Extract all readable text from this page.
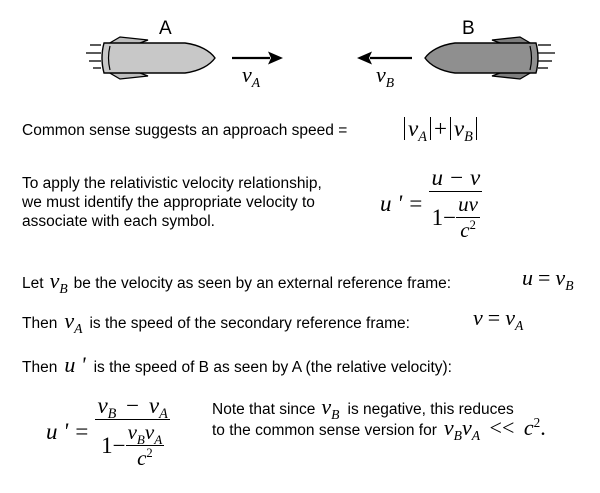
A	B
$v_A$	$v_B$
Common sense suggests an approach speed =	$v_A + v_B$
To apply the relativistic velocity relationship,
we must identify the appropriate velocity to
associate with each symbol.
u ' = $\frac{u - v}{1- \frac{uv}{c^2}}$
Let $v_B$ be the velocity as seen by an external reference frame:	$u = v_B$
Then $v_A$ is the speed of the secondary reference frame:	$v = v_A$
Then u ' is the speed of B as seen by A (the relative velocity):
u ' = $\frac{v_B - v_A}{1- \frac{v_Bv_A}{c^2}}$	Note that since $v_B$ is negative, this reduces
to the common sense version for $v_Bv_A << c^2$.
